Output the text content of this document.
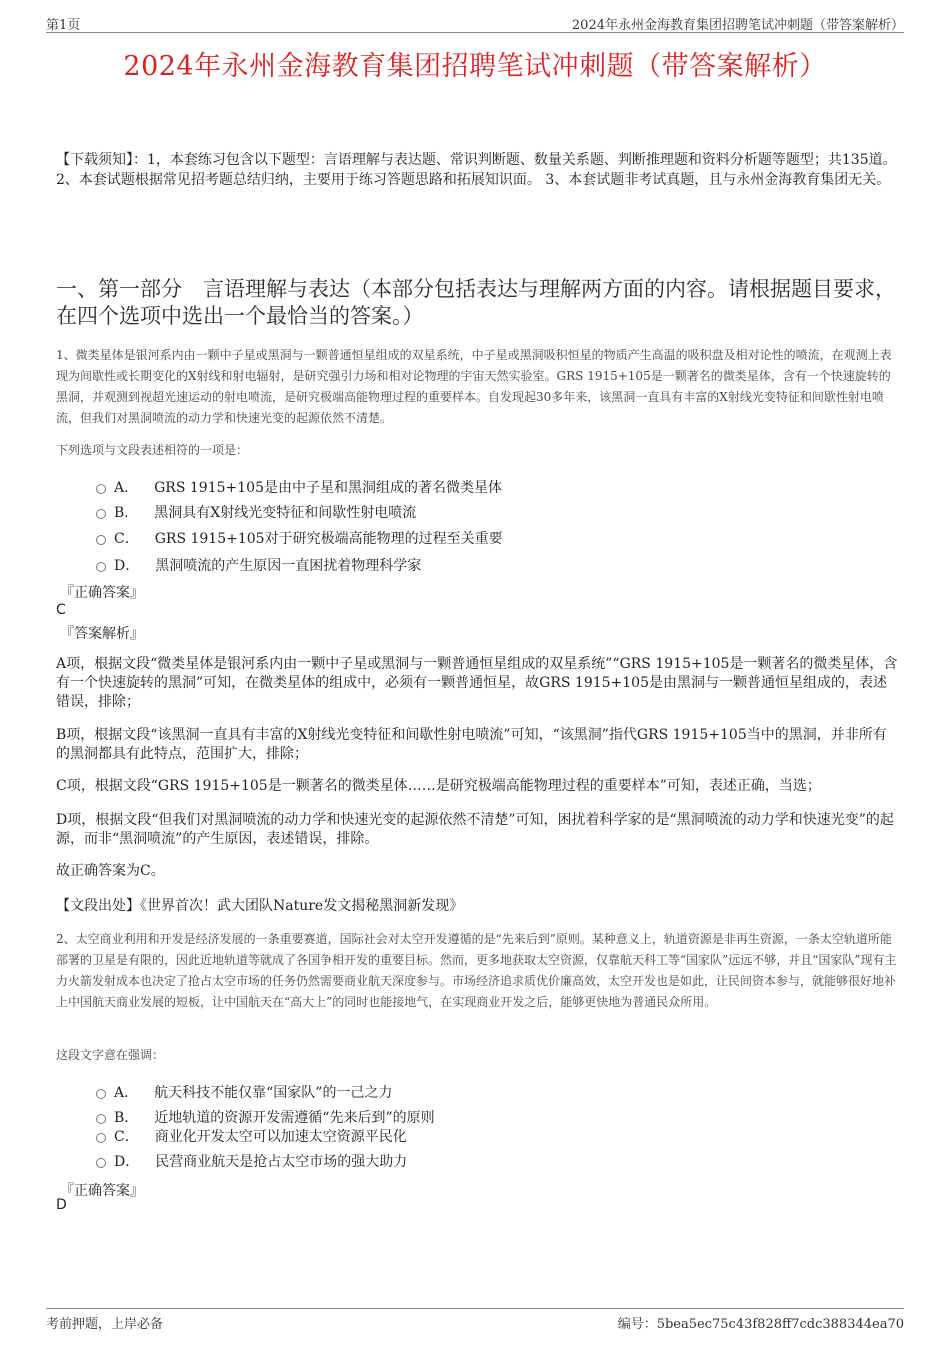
第1页	2024年永州金海教育集团招聘笔试冲刺题（带答案解析）
2024年永州金海教育集团招聘笔试冲刺题（带答案解析）
【下载须知】：1，本套练习包含以下题型：言语理解与表达题、常识判断题、数量关系题、判断推理题和资料分析题等题型；共135道。 2、本套试题根据常见招考题总结归纳，主要用于练习答题思路和拓展知识面。 3、本套试题非考试真题，且与永州金海教育集团无关。
一、第一部分　言语理解与表达（本部分包括表达与理解两方面的内容。请根据题目要求，在四个选项中选出一个最恰当的答案。）
1、微类星体是银河系内由一颗中子星或黑洞与一颗普通恒星组成的双星系统，中子星或黑洞吸积恒星的物质产生高温的吸积盘及相对论性的喷流，在观测上表现为间歇性或长期变化的X射线和射电辐射，是研究强引力场和相对论物理的宇宙天然实验室。GRS 1915+105是一颗著名的微类星体，含有一个快速旋转的黑洞，并观测到视超光速运动的射电喷流，是研究极端高能物理过程的重要样本。自发现起30多年来，该黑洞一直具有丰富的X射线光变特征和间歇性射电喷流，但我们对黑洞喷流的动力学和快速光变的起源依然不清楚。
下列选项与文段表述相符的一项是：
A． GRS 1915+105是由中子星和黑洞组成的著名微类星体
B． 黑洞具有X射线光变特征和间歇性射电喷流
C． GRS 1915+105对于研究极端高能物理的过程至关重要
D． 黑洞喷流的产生原因一直困扰着物理科学家
『正确答案』
C
『答案解析』
A项，根据文段“微类星体是银河系内由一颗中子星或黑洞与一颗普通恒星组成的双星系统”“GRS 1915+105是一颗著名的微类星体，含有一个快速旋转的黑洞”可知，在微类星体的组成中，必须有一颗普通恒星，故GRS 1915+105是由黑洞与一颗普通恒星组成的，表述错误，排除；
B项，根据文段“该黑洞一直具有丰富的X射线光变特征和间歇性射电喷流”可知，“该黑洞”指代GRS 1915+105当中的黑洞，并非所有的黑洞都具有此特点，范围扩大，排除；
C项，根据文段“GRS 1915+105是一颗著名的微类星体……是研究极端高能物理过程的重要样本”可知，表述正确，当选；
D项，根据文段“但我们对黑洞喷流的动力学和快速光变的起源依然不清楚”可知，困扰着科学家的是“黑洞喷流的动力学和快速光变”的起源，而非“黑洞喷流”的产生原因，表述错误，排除。
故正确答案为C。
【文段出处】《世界首次！武大团队Nature发文揭秘黑洞新发现》
2、太空商业利用和开发是经济发展的一条重要赛道，国际社会对太空开发遵循的是“先来后到”原则。某种意义上，轨道资源是非再生资源，一条太空轨道所能部署的卫星是有限的，因此近地轨道等就成了各国争相开发的重要目标。然而，更多地获取太空资源，仅靠航天科工等“国家队”远远不够，并且“国家队”现有主力火箭发射成本也决定了抢占太空市场的任务仍然需要商业航天深度参与。市场经济追求质优价廉高效，太空开发也是如此，让民间资本参与，就能够很好地补上中国航天商业发展的短板，让中国航天在“高大上”的同时也能接地气，在实现商业开发之后，能够更快地为普通民众所用。
这段文字意在强调：
A． 航天科技不能仅靠“国家队”的一己之力
B． 近地轨道的资源开发需遵循“先来后到”的原则
C． 商业化开发太空可以加速太空资源平民化
D． 民营商业航天是抢占太空市场的强大助力
『正确答案』
D
考前押题，上岸必备	编号：5bea5ec75c43f828ff7cdc388344ea70
